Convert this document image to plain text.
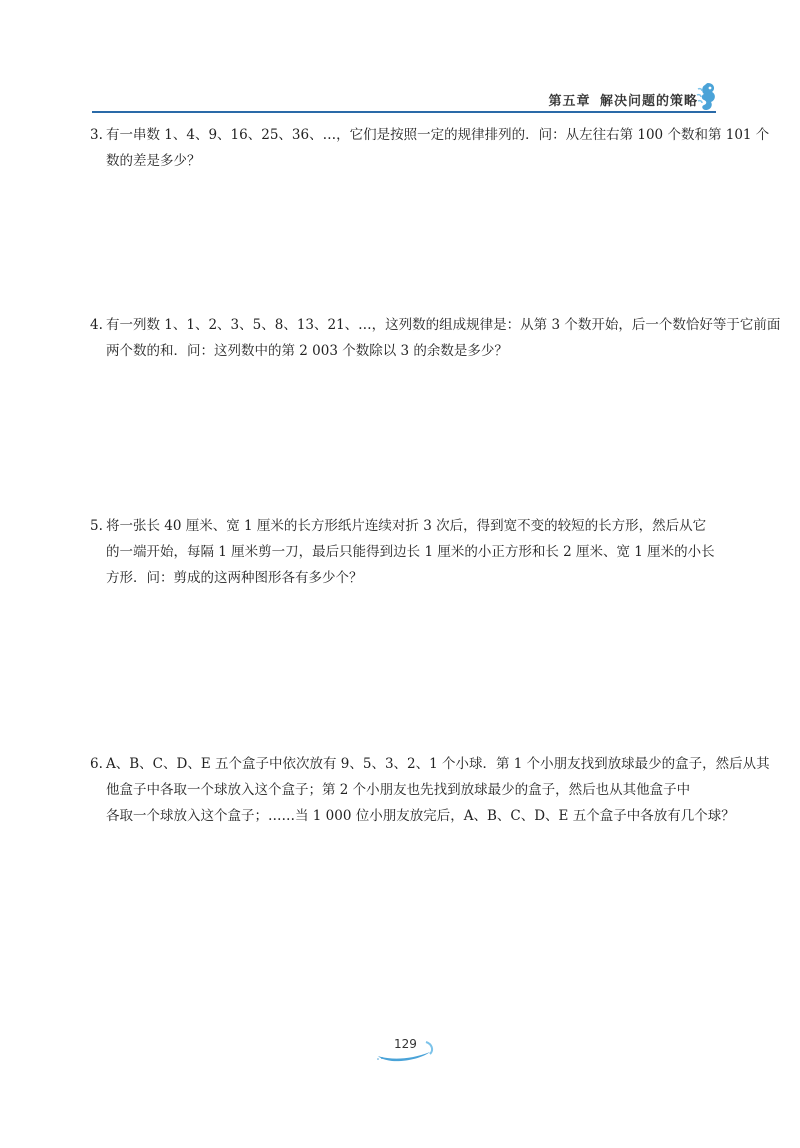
第五章 解决问题的策略
3. 有一串数 1、4、9、16、25、36、…，它们是按照一定的规律排列的．问：从左往右第 100 个数和第 101 个
数的差是多少？
4. 有一列数 1、1、2、3、5、8、13、21、…，这列数的组成规律是：从第 3 个数开始，后一个数恰好等于它前面
两个数的和．问：这列数中的第 2 003 个数除以 3 的余数是多少？
5. 将一张长 40 厘米、宽 1 厘米的长方形纸片连续对折 3 次后，得到宽不变的较短的长方形，然后从它
的一端开始，每隔 1 厘米剪一刀，最后只能得到边长 1 厘米的小正方形和长 2 厘米、宽 1 厘米的小长
方形．问：剪成的这两种图形各有多少个？
6. A、B、C、D、E 五个盒子中依次放有 9、5、3、2、1 个小球．第 1 个小朋友找到放球最少的盒子，然后从其
他盒子中各取一个球放入这个盒子；第 2 个小朋友也先找到放球最少的盒子，然后也从其他盒子中
各取一个球放入这个盒子；……当 1 000 位小朋友放完后，A、B、C、D、E 五个盒子中各放有几个球？
129
